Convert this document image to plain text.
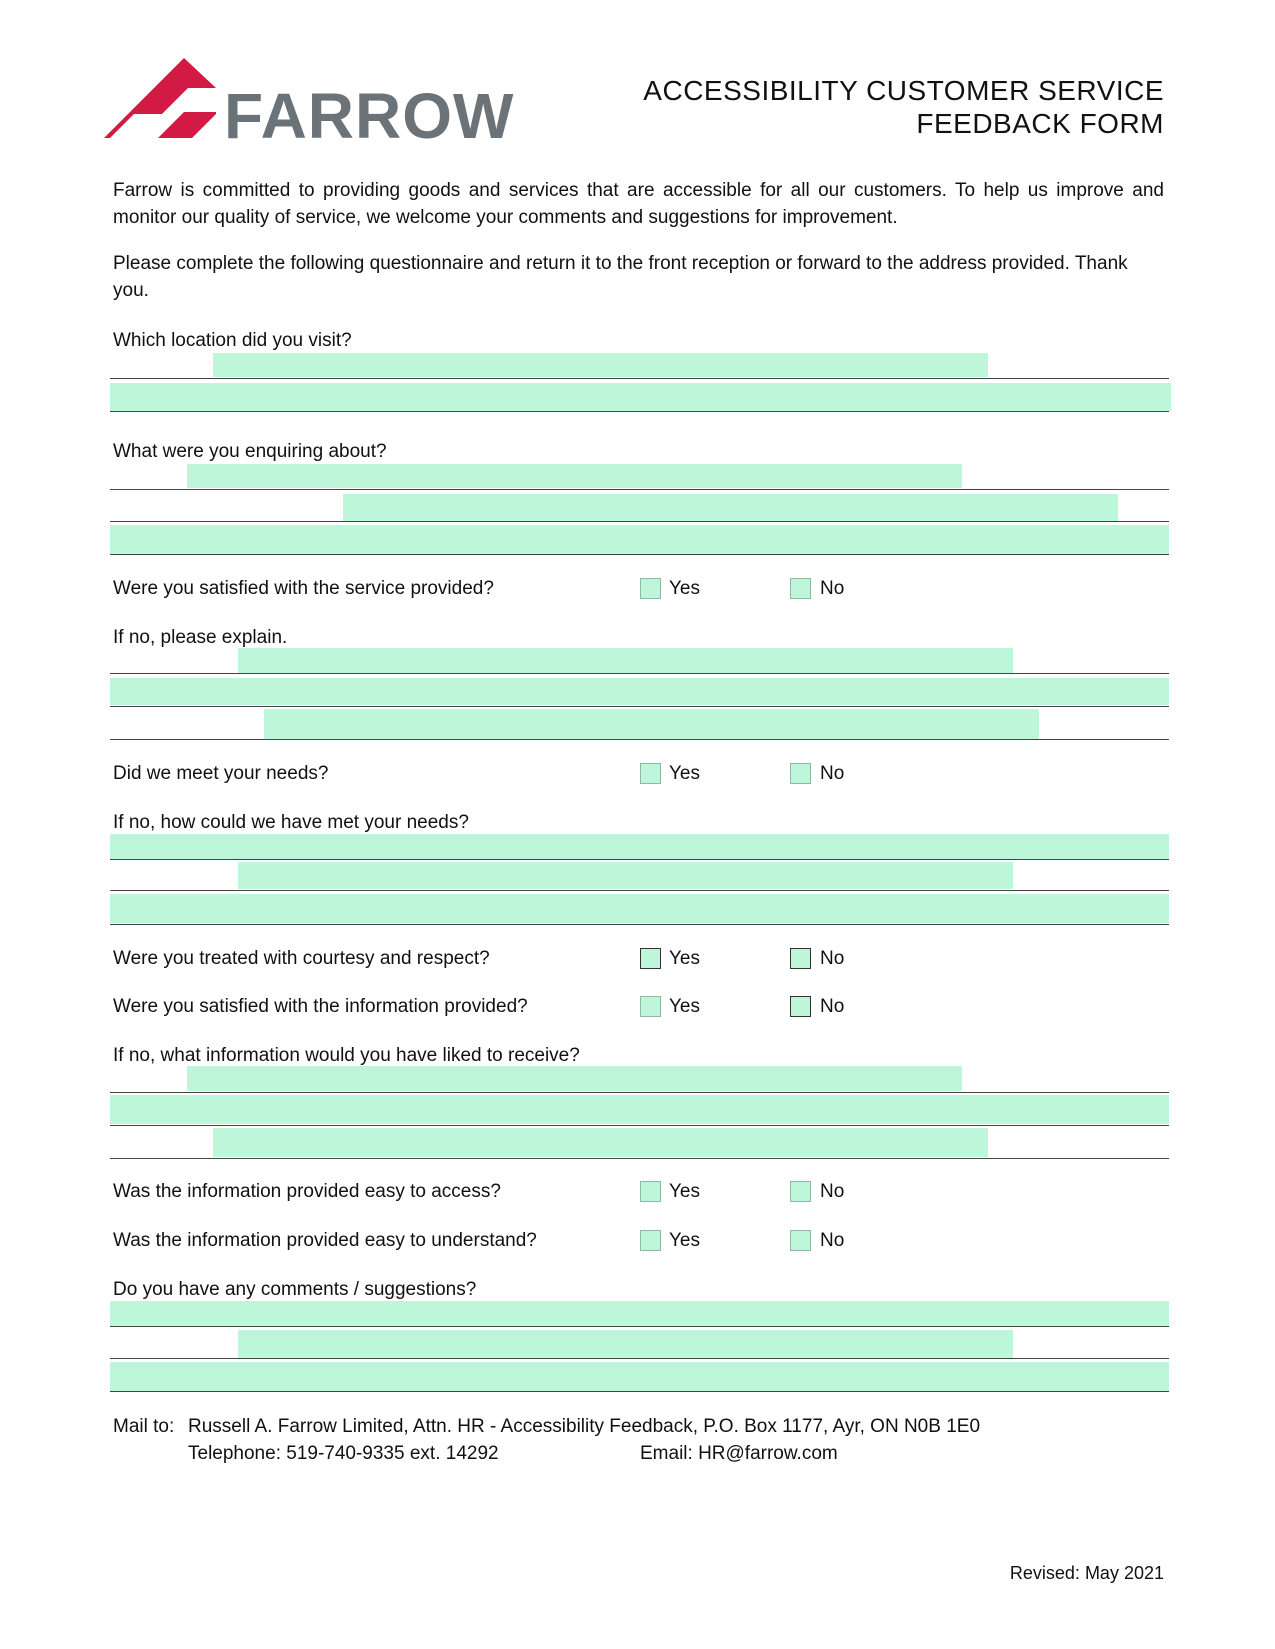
FARROW	ACCESSIBILITY CUSTOMER SERVICE
FEEDBACK FORM
Farrow is committed to providing goods and services that are accessible for all our customers. To help us improve and monitor our quality of service, we welcome your comments and suggestions for improvement.
Please complete the following questionnaire and return it to the front reception or forward to the address provided. Thank you.
Which location did you visit?
What were you enquiring about?
Were you satisfied with the service provided?	Yes	No
If no, please explain.
Did we meet your needs?	Yes	No
If no, how could we have met your needs?
Were you treated with courtesy and respect?	Yes	No
Were you satisfied with the information provided?	Yes	No
If no, what information would you have liked to receive?
Was the information provided easy to access?	Yes	No
Was the information provided easy to understand?	Yes	No
Do you have any comments / suggestions?
Mail to: Russell A. Farrow Limited, Attn. HR - Accessibility Feedback, P.O. Box 1177, Ayr, ON N0B 1E0
Telephone: 519-740-9335 ext. 14292	Email: HR@farrow.com
Revised: May 2021
